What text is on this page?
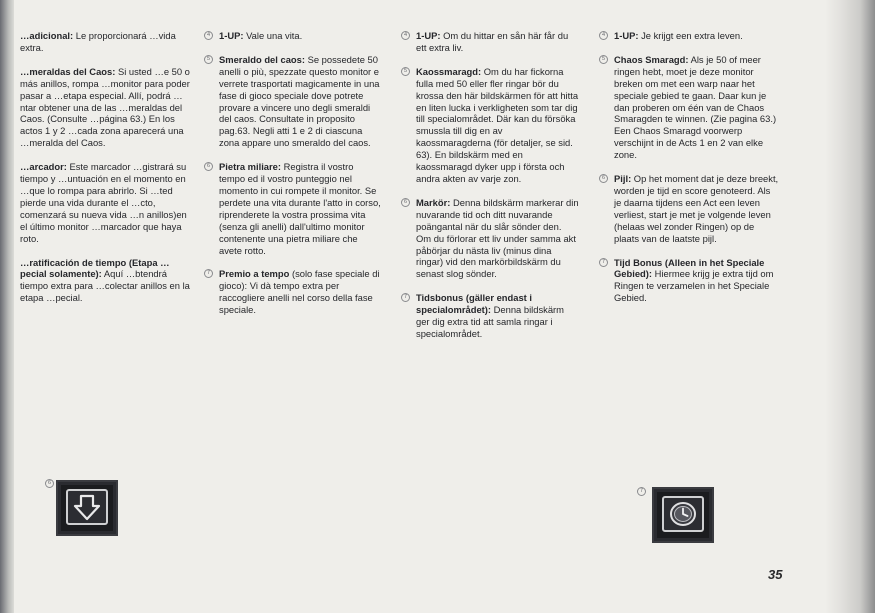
…adicional: Le proporcionará …vida extra.
…meraldas del Caos: Si usted …e 50 o más anillos, rompa …monitor para poder pasar a …etapa especial. Allí, podrá …ntar obtener una de las …meraldas del Caos. (Consulte …página 63.) En los actos 1 y 2 …cada zona aparecerá una …meralda del Caos.
…arcador: Este marcador …gistrará su tiempo y …untuación en el momento en …que lo rompa para abrirlo. Si …ted pierde una vida durante el …cto, comenzará su nueva vida …n anillos)en el último monitor …marcador que haya roto.
…ratificación de tiempo (Etapa …pecial solamente): Aquí …btendrá tiempo extra para …colectar anillos en la etapa …pecial.
4 1-UP: Vale una vita.
5 Smeraldo del caos: Se possedete 50 anelli o più, spezzate questo monitor e verrete trasportati magicamente in una fase di gioco speciale dove potrete provare a vincere uno degli smeraldi del caos. Consultate in proposito pag.63. Negli atti 1 e 2 di ciascuna zona appare uno smeraldo del caos.
6 Pietra miliare: Registra il vostro tempo ed il vostro punteggio nel momento in cui rompete il monitor. Se perdete una vita durante l'atto in corso, riprenderete la vostra prossima vita (senza gli anelli) dall'ultimo monitor contenente una pietra miliare che avete rotto.
7 Premio a tempo (solo fase speciale di gioco): Vi dà tempo extra per raccogliere anelli nel corso della fase speciale.
4 1-UP: Om du hittar en sån här får du ett extra liv.
5 Kaossmaragd: Om du har fickorna fulla med 50 eller fler ringar bör du krossa den här bildskärmen för att hitta en liten lucka i verkligheten som tar dig till specialområdet. Där kan du försöka smussla till dig en av kaossmaragderna (för detaljer, se sid. 63). En bildskärm med en kaossmaragd dyker upp i första och andra akten av varje zon.
6 Markör: Denna bildskärm markerar din nuvarande tid och ditt nuvarande poängantal när du slår sönder den. Om du förlorar ett liv under samma akt påbörjar du nästa liv (minus dina ringar) vid den markörbildskärm du senast slog sönder.
7 Tidsbonus (gäller endast i specialområdet): Denna bildskärm ger dig extra tid att samla ringar i specialområdet.
4 1-UP: Je krijgt een extra leven.
5 Chaos Smaragd: Als je 50 of meer ringen hebt, moet je deze monitor breken om met een warp naar het speciale gebied te gaan. Daar kun je dan proberen om één van de Chaos Smaragden te winnen. (Zie pagina 63.) Een Chaos Smaragd voorwerp verschijnt in de Acts 1 en 2 van elke zone.
6 Pijl: Op het moment dat je deze breekt, worden je tijd en score genoteerd. Als je daarna tijdens een Act een leven verliest, start je met je volgende leven (helaas wel zonder Ringen) op de plaats van de laatste pijl.
7 Tijd Bonus (Alleen in het Speciale Gebied): Hiermee krijg je extra tijd om Ringen te verzamelen in het Speciale Gebied.
6
7
35
